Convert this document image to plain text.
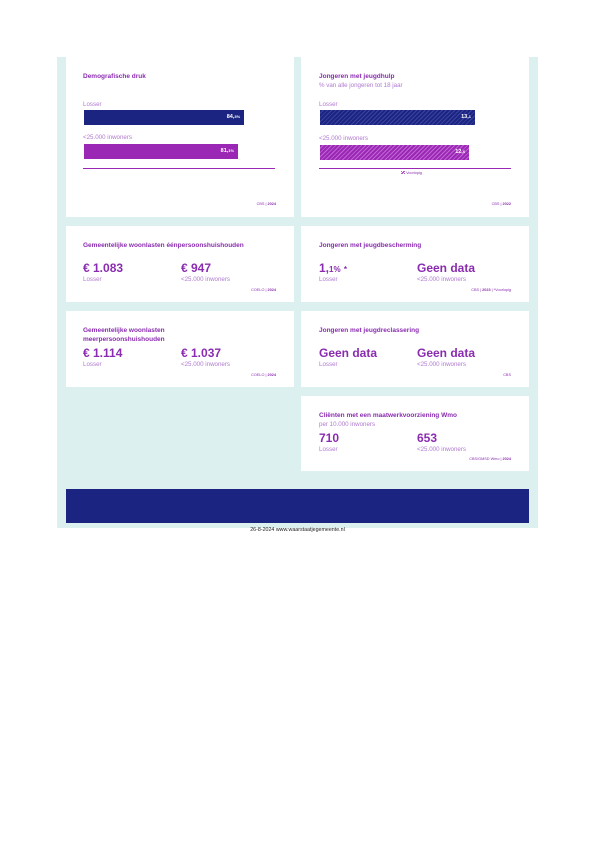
Demografische druk
Losser
84,3%
<25.000 inwoners
81,1%
CBS | 2024
Jongeren met jeugdhulp
% van alle jongeren tot 18 jaar
Losser
13,1
<25.000 inwoners
12,6
Voorlopig
CBS | 2022
Gemeentelijke woonlasten éénpersoonshuishouden
€ 1.083
Losser
€ 947
<25.000 inwoners
COELO | 2024
Jongeren met jeugdbescherming
1,1% *
Losser
Geen data
<25.000 inwoners
CBS | 2023 | *Voorlopig
Gemeentelijke woonlasten
meerpersoonshuishouden
€ 1.114
Losser
€ 1.037
<25.000 inwoners
COELO | 2024
Jongeren met jeugdreclassering
Geen data
Losser
Geen data
<25.000 inwoners
CBS
Cliënten met een maatwerkvoorziening Wmo
per 10.000 inwoners
710
Losser
653
<25.000 inwoners
CBS/GMSD Wmo | 2024
26-8-2024 www.waarstaatjegemeente.nl
